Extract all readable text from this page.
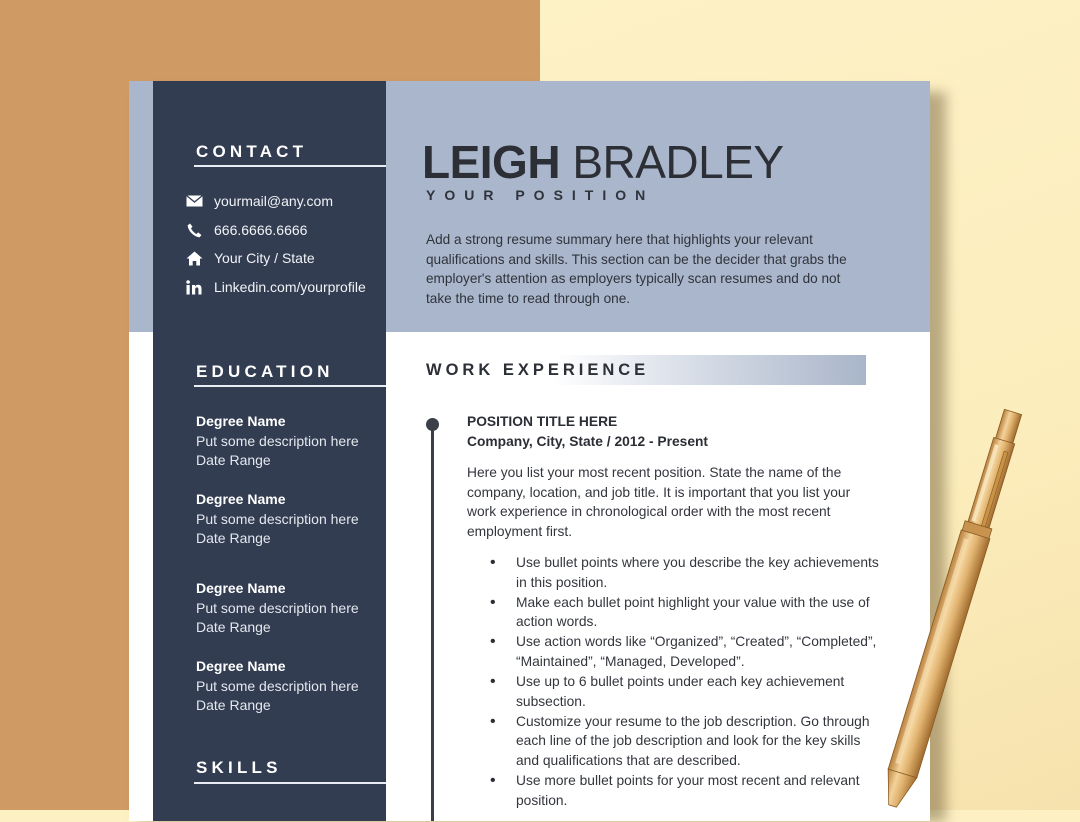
CONTACT
yourmail@any.com
666.6666.6666
Your City / State
Linkedin.com/yourprofile
EDUCATION
Degree Name
Put some description here
Date Range
Degree Name
Put some description here
Date Range
Degree Name
Put some description here
Date Range
Degree Name
Put some description here
Date Range
SKILLS
LEIGH BRADLEY
YOUR POSITION
Add a strong resume summary here that highlights your relevant qualifications and skills. This section can be the decider that grabs the employer's attention as employers typically scan resumes and do not take the time to read through one.
WORK EXPERIENCE
POSITION TITLE HERE
Company, City, State / 2012 - Present
Here you list your most recent position. State the name of the company, location, and job title. It is important that you list your work experience in chronological order with the most recent employment first.
• Use bullet points where you describe the key achievements in this position.
• Make each bullet point highlight your value with the use of action words.
• Use action words like “Organized”, “Created”, “Completed”, “Maintained”, “Managed, Developed”.
• Use up to 6 bullet points under each key achievement subsection.
• Customize your resume to the job description. Go through each line of the job description and look for the key skills and qualifications that are described.
• Use more bullet points for your most recent and relevant position.
